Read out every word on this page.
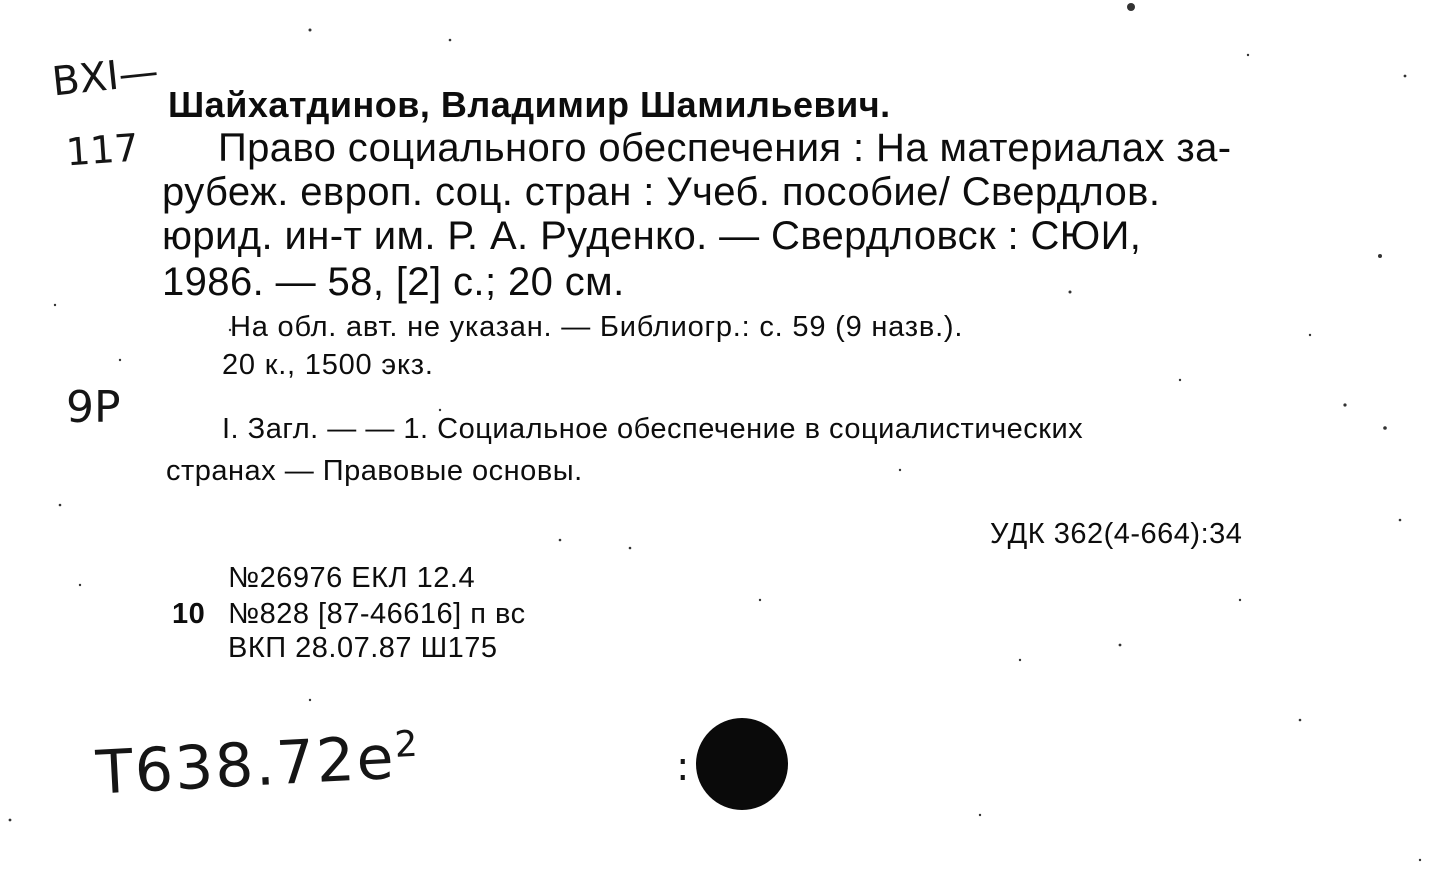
ВХІ—
117
9Р
Шайхатдинов, Владимир Шамильевич.
Право социального обеспечения : На материалах за-
рубеж. европ. соц. стран : Учеб. пособие/ Свердлов.
юрид. ин-т им. Р. А. Руденко. — Свердловск : СЮИ,
1986. — 58, [2] с.; 20 см.
На обл. авт. не указан. — Библиогр.: с. 59 (9 назв.).
20 к., 1500 экз.
I. Загл. — — 1. Социальное обеспечение в социалистических
странах — Правовые основы.
УДК 362(4-664):34
№26976 ЕКЛ 12.4
10 №828 [87-46616] п вс
ВКП 28.07.87 Ш175
$Т638.72е^2$	:
